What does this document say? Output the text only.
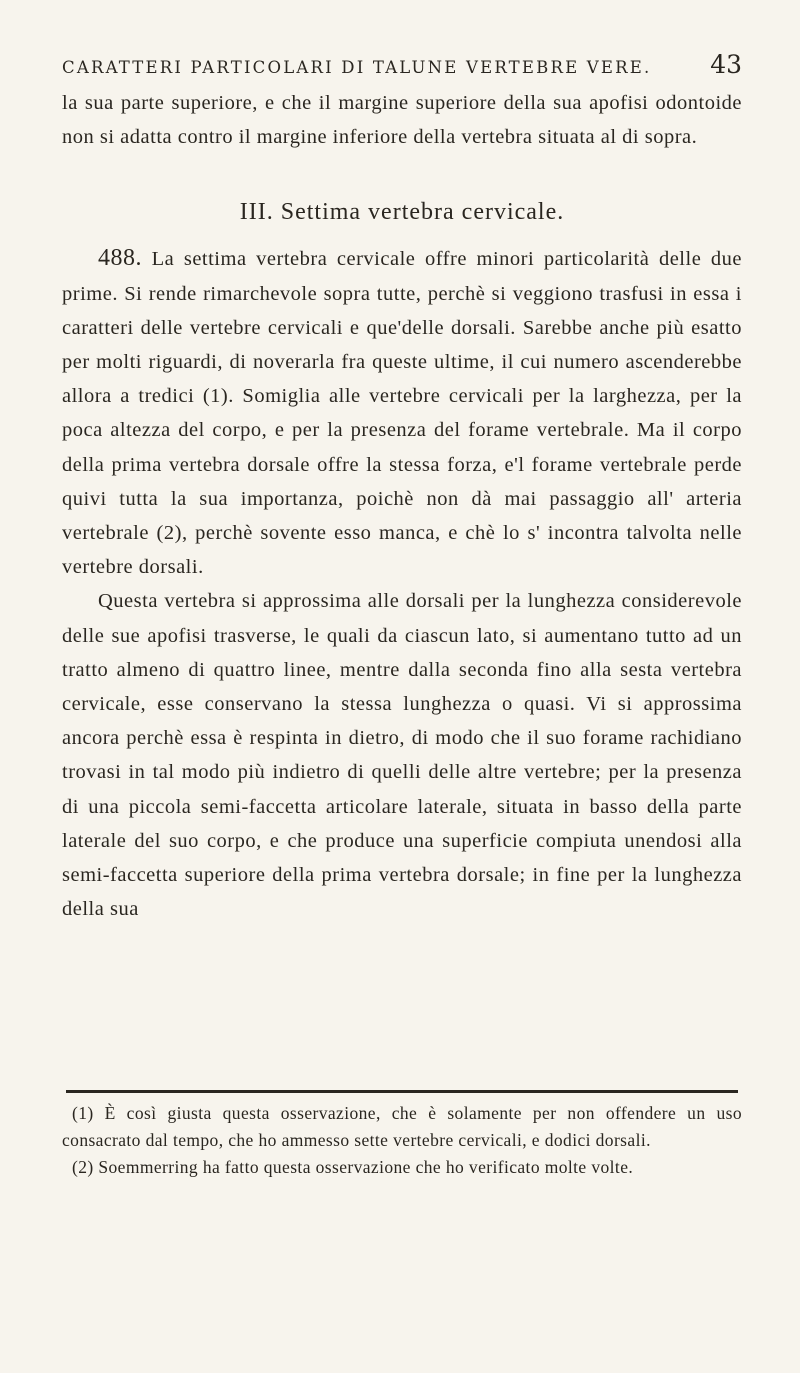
CARATTERI PARTICOLARI DI TALUNE VERTEBRE VERE. 43

la sua parte superiore, e che il margine superiore della sua apofisi odontoide non si adatta contro il margine inferiore della vertebra situata al di sopra.

III. Settima vertebra cervicale.

488. La settima vertebra cervicale offre minori particolarità delle due prime. Si rende rimarchevole sopra tutte, perchè si veggiono trasfusi in essa i caratteri delle vertebre cervicali e que'delle dorsali. Sarebbe anche più esatto per molti riguardi, di noverarla fra queste ultime, il cui numero ascenderebbe allora a tredici (1). Somiglia alle vertebre cervicali per la larghezza, per la poca altezza del corpo, e per la presenza del forame vertebrale. Ma il corpo della prima vertebra dorsale offre la stessa forza, e'l forame vertebrale perde quivi tutta la sua importanza, poichè non dà mai passaggio all' arteria vertebrale (2), perchè sovente esso manca, e chè lo s' incontra talvolta nelle vertebre dorsali.

Questa vertebra si approssima alle dorsali per la lunghezza considerevole delle sue apofisi trasverse, le quali da ciascun lato, si aumentano tutto ad un tratto almeno di quattro linee, mentre dalla seconda fino alla sesta vertebra cervicale, esse conservano la stessa lunghezza o quasi. Vi si approssima ancora perchè essa è respinta in dietro, di modo che il suo forame rachidiano trovasi in tal modo più indietro di quelli delle altre vertebre; per la presenza di una piccola semi-faccetta articolare laterale, situata in basso della parte laterale del suo corpo, e che produce una superficie compiuta unendosi alla semi-faccetta superiore della prima vertebra dorsale; in fine per la lunghezza della sua

(1) È così giusta questa osservazione, che è solamente per non offendere un uso consacrato dal tempo, che ho ammesso sette vertebre cervicali, e dodici dorsali.

(2) Soemmerring ha fatto questa osservazione che ho verificato molte volte.
